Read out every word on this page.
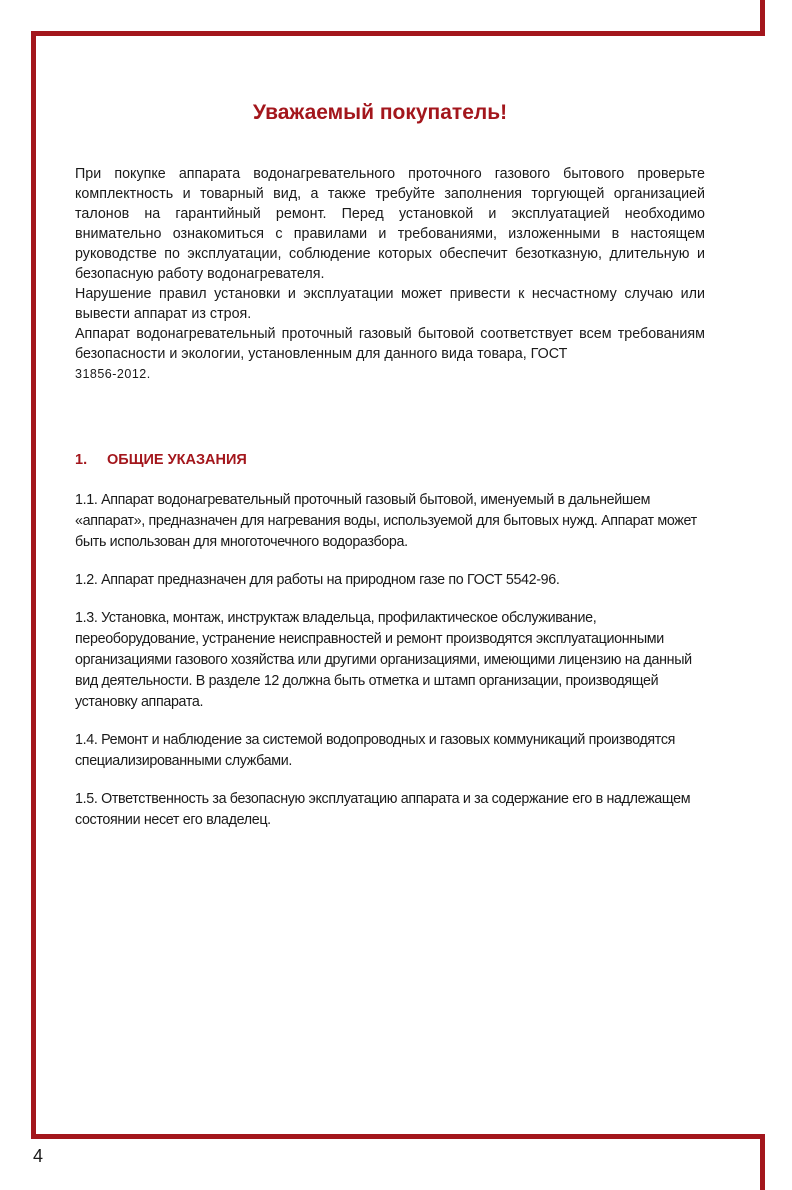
Уважаемый покупатель!

При покупке аппарата водонагревательного проточного газового бытового проверьте комплектность и товарный вид, а также требуйте заполнения торгующей организацией талонов на гарантийный ремонт. Перед установкой и эксплуатацией необходимо внимательно ознакомиться с правилами и требованиями, изложенными в настоящем руководстве по эксплуатации, соблюдение которых обеспечит безотказную, длительную и безопасную работу водонагревателя.

Нарушение правил установки и эксплуатации может привести к несчастному случаю или вывести аппарат из строя.

Аппарат водонагревательный проточный газовый бытовой соответствует всем требованиям безопасности и экологии, установленным для данного вида товара, ГОСТ
31856-2012.

1. ОБЩИЕ УКАЗАНИЯ

1.1. Аппарат водонагревательный проточный газовый бытовой, именуемый в дальнейшем «аппарат», предназначен для нагревания воды, используемой для бытовых нужд. Аппарат может быть использован для многоточечного водоразбора.

1.2. Аппарат предназначен для работы на природном газе по ГОСТ 5542-96.

1.3. Установка, монтаж, инструктаж владельца, профилактическое обслуживание, переоборудование, устранение неисправностей и ремонт производятся эксплуатационными организациями газового хозяйства или другими организациями, имеющими лицензию на данный вид деятельности. В разделе 12 должна быть отметка и штамп организации, производящей установку аппарата.

1.4. Ремонт и наблюдение за системой водопроводных и газовых коммуникаций производятся специализированными службами.

1.5. Ответственность за безопасную эксплуатацию аппарата и за содержание его в надлежащем состоянии несет его владелец.

4
